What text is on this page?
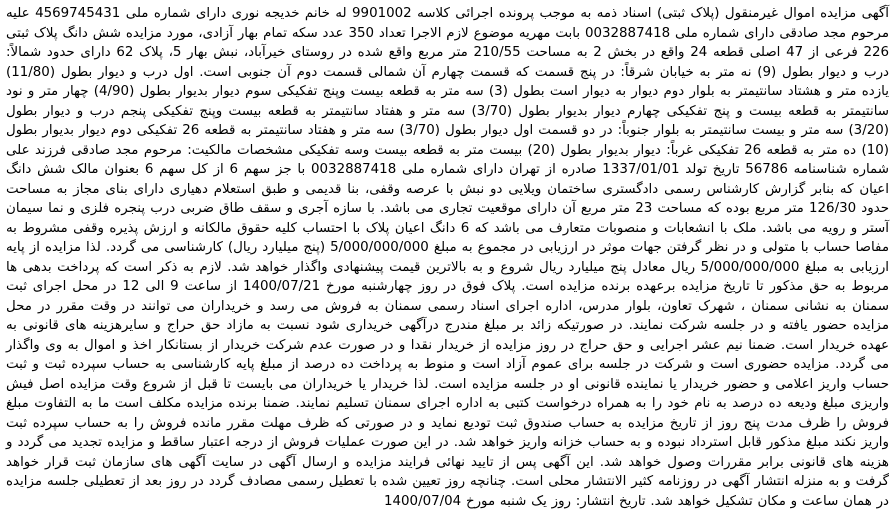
آگهی مزایده اموال غیرمنقول (پلاک ثبتی) اسناد ذمه به موجب پرونده اجرائی کلاسه 9901002 له خانم خدیجه نوری دارای شماره ملی 4569745431 علیه مرحوم مجد صادقی دارای شماره ملی 0032887418 بابت مهریه موضوع لازم الاجرا تعداد 350 عدد سکه تمام بهار آزادی، مورد مزایده شش دانگ پلاک ثبتی 226 فرعی از 47 اصلی قطعه 24 واقع در بخش 2 به مساحت 210/55 متر مربع واقع شده در روستای خیرآباد، نبش بهار 5، پلاک 62 دارای حدود شمالاً: درب و دیوار بطول (9) نه متر به خیابان شرقاً: در پنج قسمت که قسمت چهارم آن شمالی قسمت دوم آن جنوبی است. اول درب و دیوار بطول (11/80) یازده متر و هشتاد سانتیمتر به بلوار دوم دیوار به دیوار است بطول (3) سه متر به قطعه بیست وپنج تفکیکی سوم دیوار بدیوار بطول (4/90) چهار متر و نود سانتیمتر به قطعه بیست و پنج تفکیکی چهارم دیوار بدیوار بطول (3/70) سه متر و هفتاد سانتیمتر به قطعه بیست وپنج تفکیکی پنجم درب و دیوار بطول (3/20) سه متر و بیست سانتیمتر به بلوار جنوباً: در دو قسمت اول دیوار بطول (3/70) سه متر و هفتاد سانتیمتر به قطعه 26 تفکیکی دوم دیوار بدیوار بطول (10) ده متر به قطعه 26 تفکیکی غرباً: دیوار بدیوار بطول (20) بیست متر به قطعه بیست وسه تفکیکی مشخصات مالکیت: مرحوم مجد صادقی فرزند علی شماره شناسنامه 56786 تاریخ تولد 1337/01/01 صادره از تهران دارای شماره ملی 0032887418 با جز سهم 6 از کل سهم 6 بعنوان مالک شش دانگ اعیان که بنابر گزارش کارشناس رسمی دادگستری ساختمان ویلایی دو نبش با عرصه وقفی، بنا قدیمی و طبق استعلام دهیاری دارای بنای مجاز به مساحت حدود 126/30 متر مربع بوده که مساحت 23 متر مربع آن دارای موقعیت تجاری می باشد. با سازه آجری و سقف طاق ضربی درب پنجره فلزی و نما سیمان آستر و رویه می باشد. ملک با انشعابات و منصوبات متعارف می باشد که 6 دانگ اعیان پلاک با احتساب کلیه حقوق مالکانه و ارزش پذیره وقفی مشروط به مفاصا حساب با متولی و در نظر گرفتن جهات موثر در ارزیابی در مجموع به مبلغ 5/000/000/000 (پنج میلیارد ریال) کارشناسی می گردد. لذا مزایده از پایه ارزیابی به مبلغ 5/000/000/000 ریال معادل پنج میلیارد ریال شروع و به بالاترین قیمت پیشنهادی واگذار خواهد شد. لازم به ذکر است که پرداخت بدهی ها مربوط به حق مذکور تا تاریخ مزایده برعهده برنده مزایده است. پلاک فوق در روز چهارشنبه مورخ 1400/07/21 از ساعت 9 الی 12 در محل اجرای ثبت سمنان به نشانی سمنان ، شهرک تعاون، بلوار مدرس، اداره اجرای اسناد رسمی سمنان به فروش می رسد و خریداران می توانند در وقت مقرر در محل مزایده حضور یافته و در جلسه شرکت نمایند. در صورتیکه زائد بر مبلغ مندرج درآگهی خریداری شود نسبت به مازاد حق حراج و سایرهزینه های قانونی به عهده خریدار است. ضمنا نیم عشر اجرایی و حق حراج در روز مزایده از خریدار نقدا و در صورت عدم شرکت خریدار از بستانکار اخذ و اموال به وی واگذار می گردد. مزایده حضوری است و شرکت در جلسه برای عموم آزاد است و منوط به پرداخت ده درصد از مبلغ پایه کارشناسی به حساب سپرده ثبت و ثبت حساب واریز اعلامی و حضور خریدار یا نماینده قانونی او در جلسه مزایده است. لذا خریدار یا خریداران می بایست تا قبل از شروع وقت مزایده اصل فیش واریزی مبلغ ودیعه ده درصد به نام خود را به همراه درخواست کتبی به اداره اجرای سمنان تسلیم نمایند. ضمنا برنده مزایده مکلف است ما به التفاوت مبلغ فروش را ظرف مدت پنج روز از تاریخ مزایده به حساب صندوق ثبت تودیع نماید و در صورتی که ظرف مهلت مقرر مانده فروش را به حساب سپرده ثبت واریز نکند مبلغ مذکور قابل استرداد نبوده و به حساب خزانه واریز خواهد شد. در این صورت عملیات فروش از درجه اعتبار ساقط و مزایده تجدید می گردد و هزینه های قانونی برابر مقررات وصول خواهد شد. این آگهی پس از تایید نهائی فرایند مزایده و ارسال آگهی در سایت آگهی های سازمان ثبت قرار خواهد گرفت و به منزله انتشار آگهی در روزنامه کثیر الانتشار محلی است. چنانچه روز تعیین شده با تعطیل رسمی مصادف گردد در روز بعد از تعطیلی جلسه مزایده در همان ساعت و مکان تشکیل خواهد شد. تاریخ انتشار: روز یک شنبه مورخ 1400/07/04
